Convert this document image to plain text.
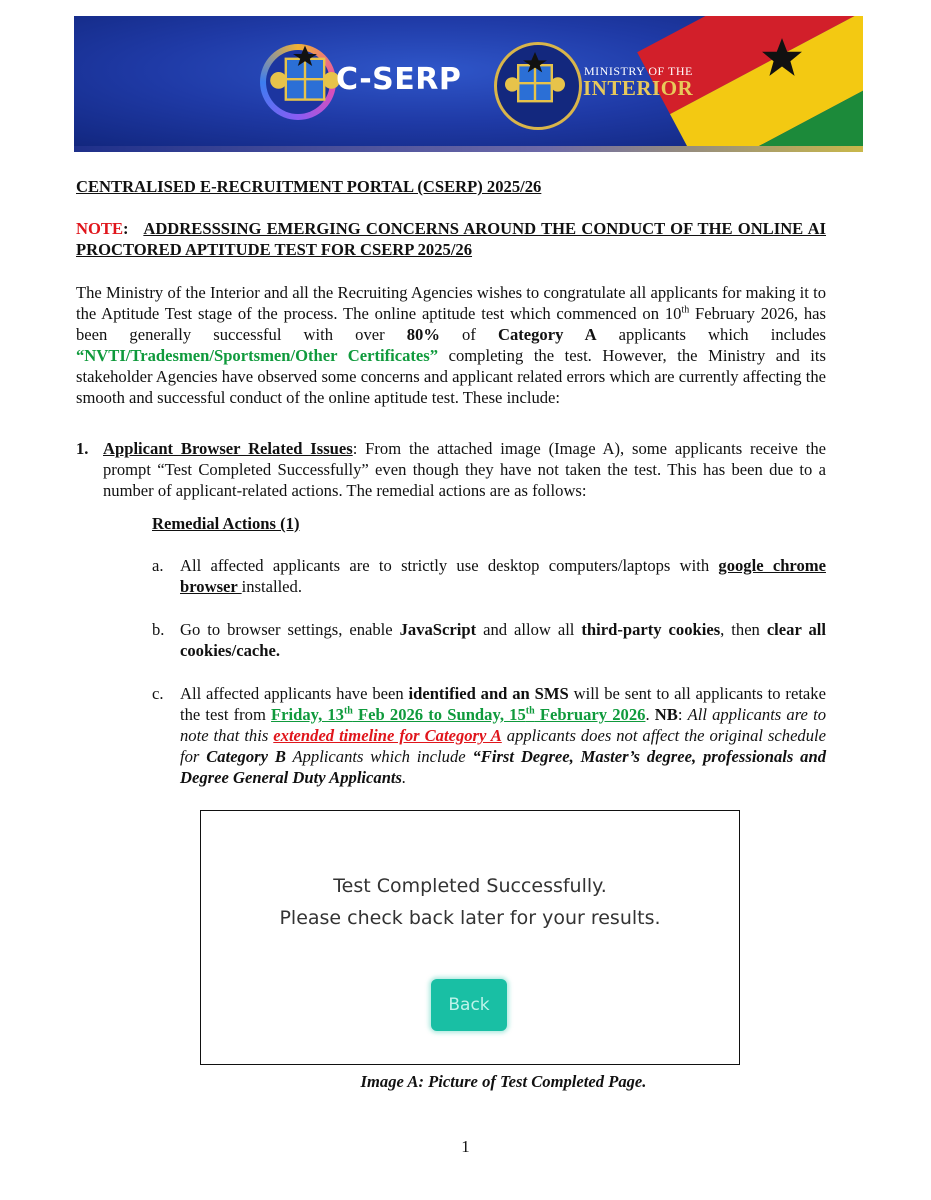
C-SERP	MINISTRY OF THE
INTERIOR
CENTRALISED E-RECRUITMENT PORTAL (CSERP) 2025/26
NOTE:   ADDRESSSING EMERGING CONCERNS AROUND THE CONDUCT OF THE ONLINE AI PROCTORED APTITUDE TEST FOR CSERP 2025/26
The Ministry of the Interior and all the Recruiting Agencies wishes to congratulate all applicants for making it to the Aptitude Test stage of the process. The online aptitude test which commenced on 10th February 2026, has been generally successful with over 80% of Category A applicants which includes “NVTI/Tradesmen/Sportsmen/Other Certificates” completing the test. However, the Ministry and its stakeholder Agencies have observed some concerns and applicant related errors which are currently affecting the smooth and successful conduct of the online aptitude test. These include:
1. Applicant Browser Related Issues: From the attached image (Image A), some applicants receive the prompt “Test Completed Successfully” even though they have not taken the test. This has been due to a number of applicant-related actions. The remedial actions are as follows:
Remedial Actions (1)
a. All affected applicants are to strictly use desktop computers/laptops with google chrome browser installed.
b. Go to browser settings, enable JavaScript and allow all third-party cookies, then clear all cookies/cache.
c. All affected applicants have been identified and an SMS will be sent to all applicants to retake the test from Friday, 13th Feb 2026 to Sunday, 15th February 2026. NB: All applicants are to note that this extended timeline for Category A applicants does not affect the original schedule for Category B Applicants which include “First Degree, Master’s degree, professionals and Degree General Duty Applicants.
Test Completed Successfully.
Please check back later for your results.
Back
Image A: Picture of Test Completed Page.
1
